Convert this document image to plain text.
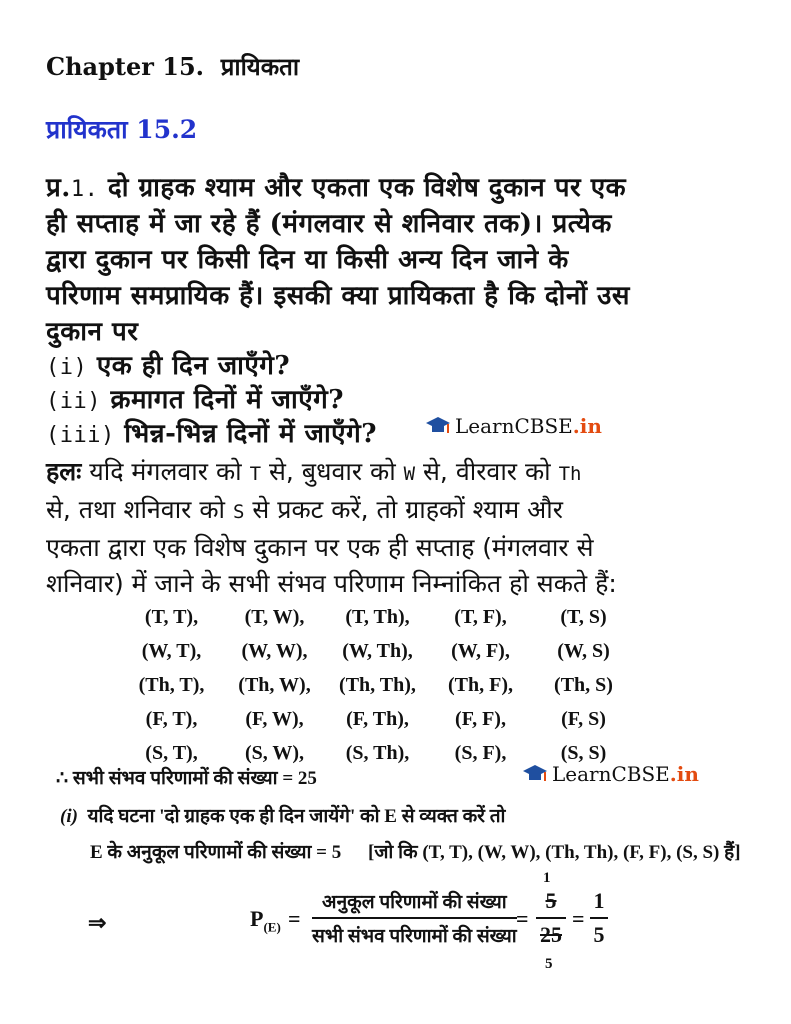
Chapter 15. प्रायिकता
प्रायिकता 15.2
प्र.1. दो ग्राहक श्याम और एकता एक विशेष दुकान पर एक
ही सप्ताह में जा रहे हैं (मंगलवार से शनिवार तक)। प्रत्येक
द्वारा दुकान पर किसी दिन या किसी अन्य दिन जाने के
परिणाम समप्रायिक हैं। इसकी क्या प्रायिकता है कि दोनों उस
दुकान पर
(i) एक ही दिन जाएँगे?
(ii) क्रमागत दिनों में जाएँगे?
(iii) भिन्न-भिन्न दिनों में जाएँगे?	LearnCBSE .in
हलः यदि मंगलवार को T से, बुधवार को W से, वीरवार को Th
से, तथा शनिवार को S से प्रकट करें, तो ग्राहकों श्याम और
एकता द्वारा एक विशेष दुकान पर एक ही सप्ताह (मंगलवार से
शनिवार) में जाने के सभी संभव परिणाम निम्नांकित हो सकते हैं:
(T, T),	(T, W),	(T, Th),	(T, F),	(T, S)
(W, T),	(W, W),	(W, Th),	(W, F),	(W, S)
(Th, T),	(Th, W),	(Th, Th),	(Th, F),	(Th, S)
(F, T),	(F, W),	(F, Th),	(F, F),	(F, S)
(S, T),	(S, W),	(S, Th),	(S, F),	(S, S)
∴ सभी संभव परिणामों की संख्या = 25	LearnCBSE .in
(i) यदि घटना 'दो ग्राहक एक ही दिन जायेंगे' को E से व्यक्त करें तो
E के अनुकूल परिणामों की संख्या = 5 [जो कि (T, T), (W, W), (Th, Th), (F, F), (S, S) हैं]
⇒	$P_{(E)}$ =
अनुकूल परिणामों की संख्या
सभी संभव परिणामों की संख्या
=
1
5
25
5
=
1
5
